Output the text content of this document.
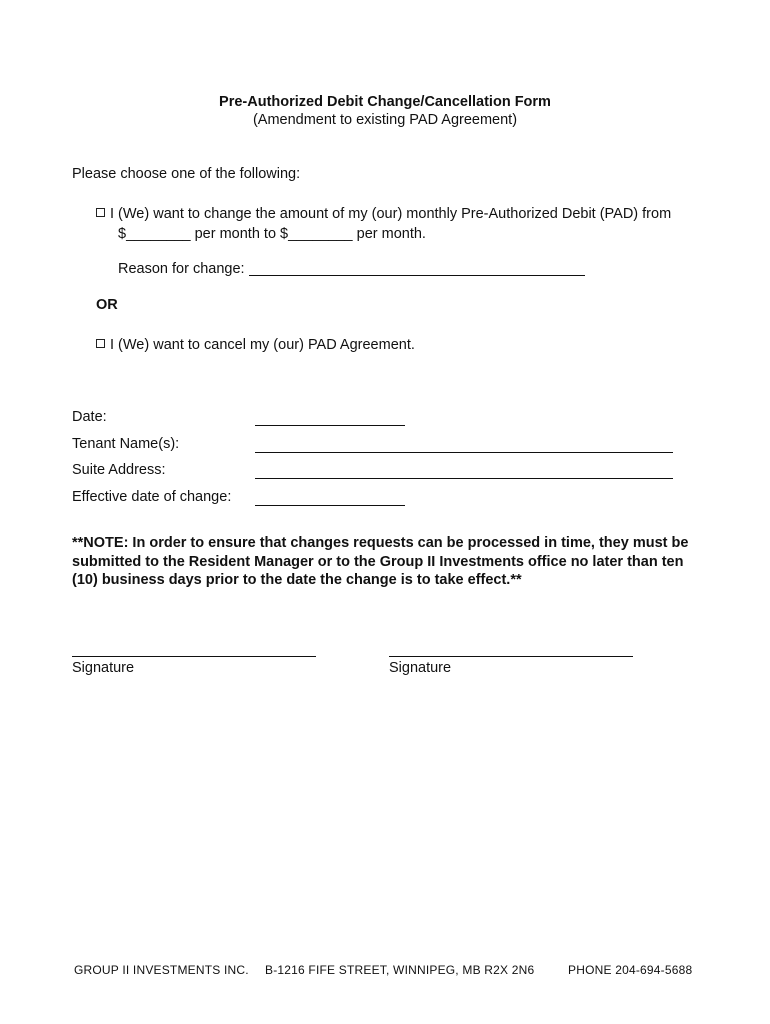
Pre-Authorized Debit Change/Cancellation Form
(Amendment to existing PAD Agreement)
Please choose one of the following:
I (We) want to change the amount of my (our) monthly Pre-Authorized Debit (PAD) from
$________ per month to $________ per month.
Reason for change:
OR
I (We) want to cancel my (our) PAD Agreement.
Date:
Tenant Name(s):
Suite Address:
Effective date of change:
**NOTE: In order to ensure that changes requests can be processed in time, they must be submitted to the Resident Manager or to the Group II Investments office no later than ten (10) business days prior to the date the change is to take effect.**
Signature	Signature
GROUP II INVESTMENTS INC. B-1216 FIFE STREET, WINNIPEG, MB R2X 2N6	PHONE 204-694-5688
